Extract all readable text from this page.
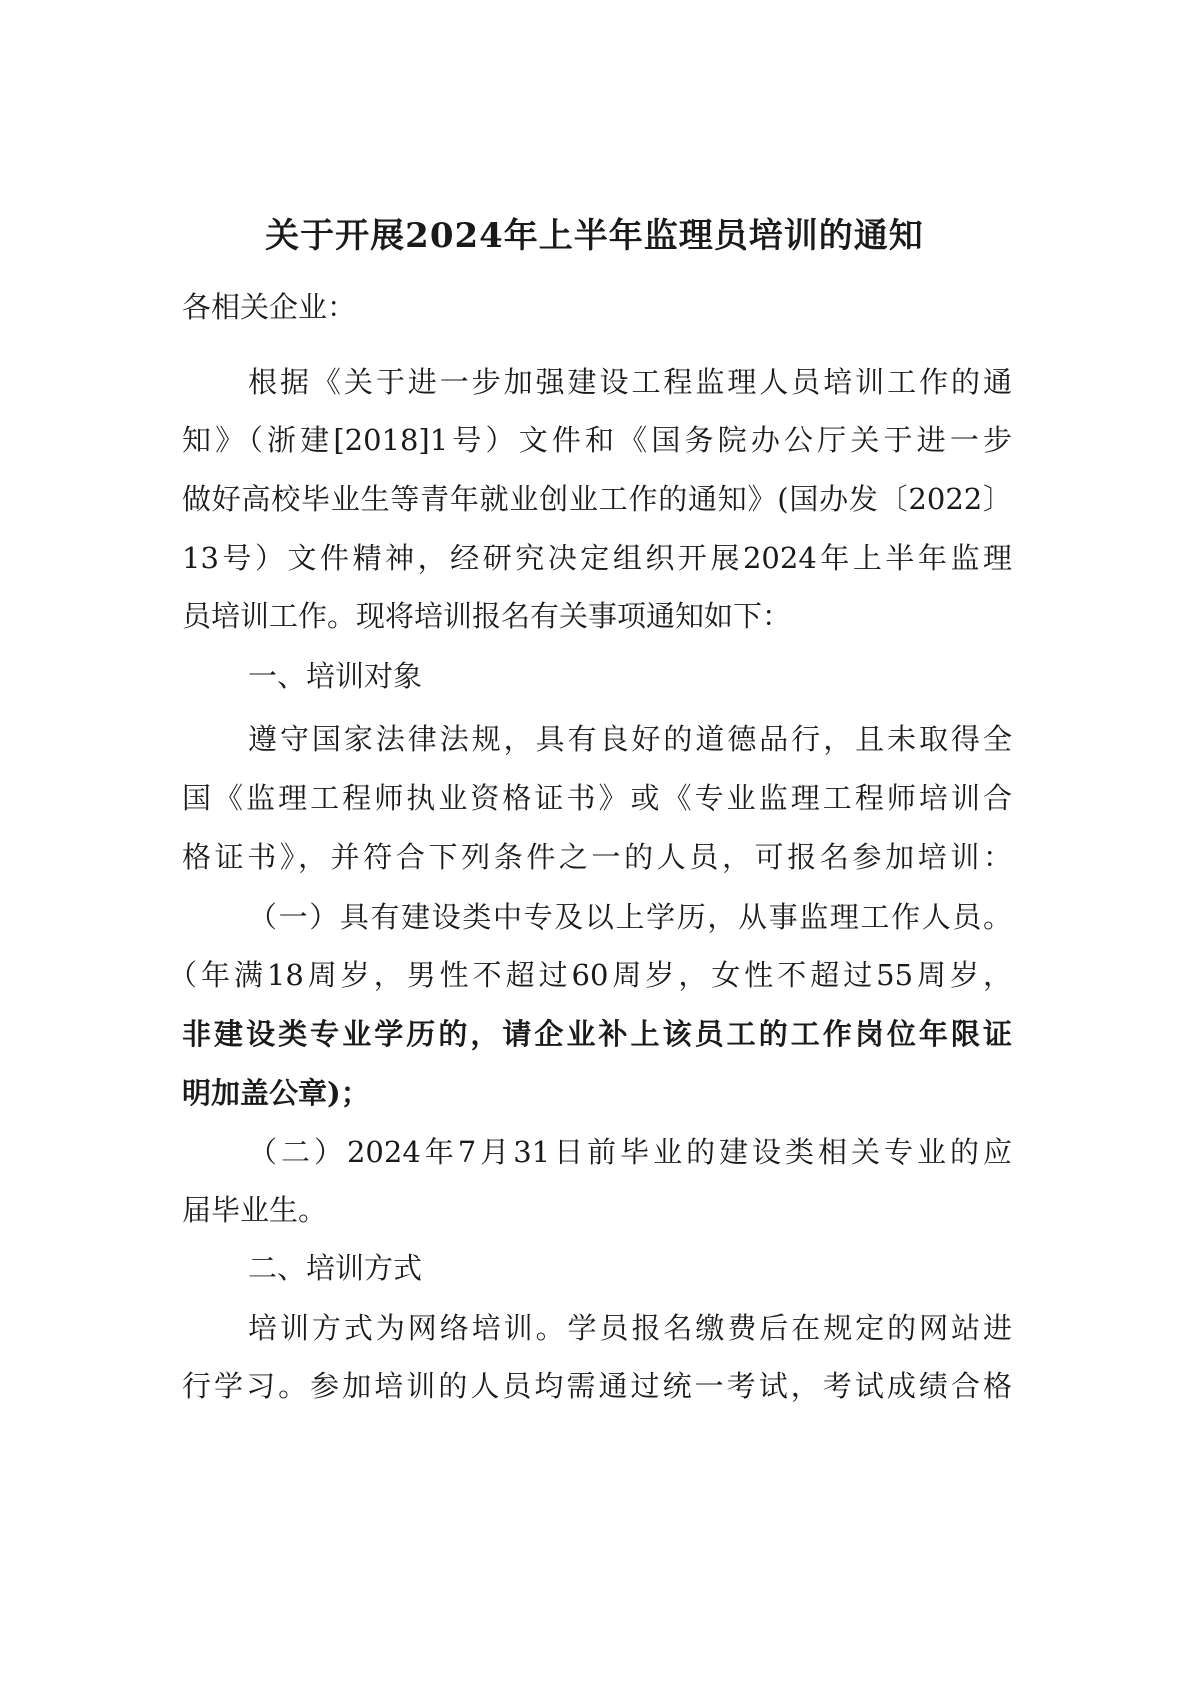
关于开展2024年上半年监理员培训的通知
各相关企业：
根据《关于进一步加强建设工程监理人员培训工作的通
知》（浙建[2018]1号）文件和《国务院办公厅关于进一步
做好高校毕业生等青年就业创业工作的通知》(国办发〔2022〕
13号）文件精神，经研究决定组织开展2024年上半年监理
员培训工作。现将培训报名有关事项通知如下：
一、培训对象
遵守国家法律法规，具有良好的道德品行，且未取得全
国《监理工程师执业资格证书》或《专业监理工程师培训合
格证书》，并符合下列条件之一的人员，可报名参加培训：
（一）具有建设类中专及以上学历，从事监理工作人员。
（年满18周岁，男性不超过60周岁，女性不超过55周岁，
非建设类专业学历的，请企业补上该员工的工作岗位年限证
明加盖公章)；
（二）2024年7月31日前毕业的建设类相关专业的应
届毕业生。
二、培训方式
培训方式为网络培训。学员报名缴费后在规定的网站进
行学习。参加培训的人员均需通过统一考试，考试成绩合格
